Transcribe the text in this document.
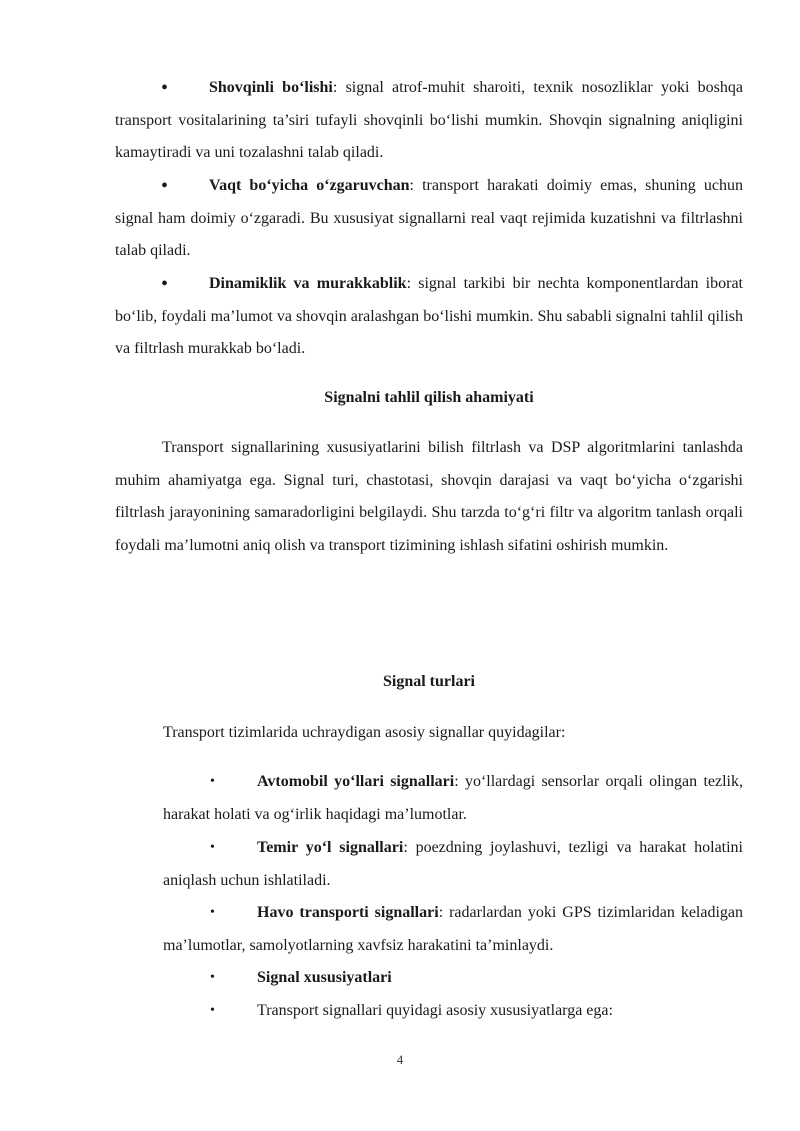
•	Shovqinli bo‘lishi: signal atrof-muhit sharoiti, texnik nosozliklar yoki boshqa transport vositalarining ta’siri tufayli shovqinli bo‘lishi mumkin. Shovqin signalning aniqligini kamaytiradi va uni tozalashni talab qiladi.
•	Vaqt bo‘yicha o‘zgaruvchan: transport harakati doimiy emas, shuning uchun signal ham doimiy o‘zgaradi. Bu xususiyat signallarni real vaqt rejimida kuzatishni va filtrlashni talab qiladi.
•	Dinamiklik va murakkablik: signal tarkibi bir nechta komponentlardan iborat bo‘lib, foydali ma’lumot va shovqin aralashgan bo‘lishi mumkin. Shu sababli signalni tahlil qilish va filtrlash murakkab bo‘ladi.
Signalni tahlil qilish ahamiyati
Transport signallarining xususiyatlarini bilish filtrlash va DSP algoritmlarini tanlashda muhim ahamiyatga ega. Signal turi, chastotasi, shovqin darajasi va vaqt bo‘yicha o‘zgarishi filtrlash jarayonining samaradorligini belgilaydi. Shu tarzda to‘g‘ri filtr va algoritm tanlash orqali foydali ma’lumotni aniq olish va transport tizimining ishlash sifatini oshirish mumkin.
Signal turlari
Transport tizimlarida uchraydigan asosiy signallar quyidagilar:
•	Avtomobil yo‘llari signallari: yo‘llardagi sensorlar orqali olingan tezlik, harakat holati va og‘irlik haqidagi ma’lumotlar.
•	Temir yo‘l signallari: poezdning joylashuvi, tezligi va harakat holatini aniqlash uchun ishlatiladi.
•	Havo transporti signallari: radarlardan yoki GPS tizimlaridan keladigan ma’lumotlar, samolyotlarning xavfsiz harakatini ta’minlaydi.
•	Signal xususiyatlari
•	Transport signallari quyidagi asosiy xususiyatlarga ega:
4
